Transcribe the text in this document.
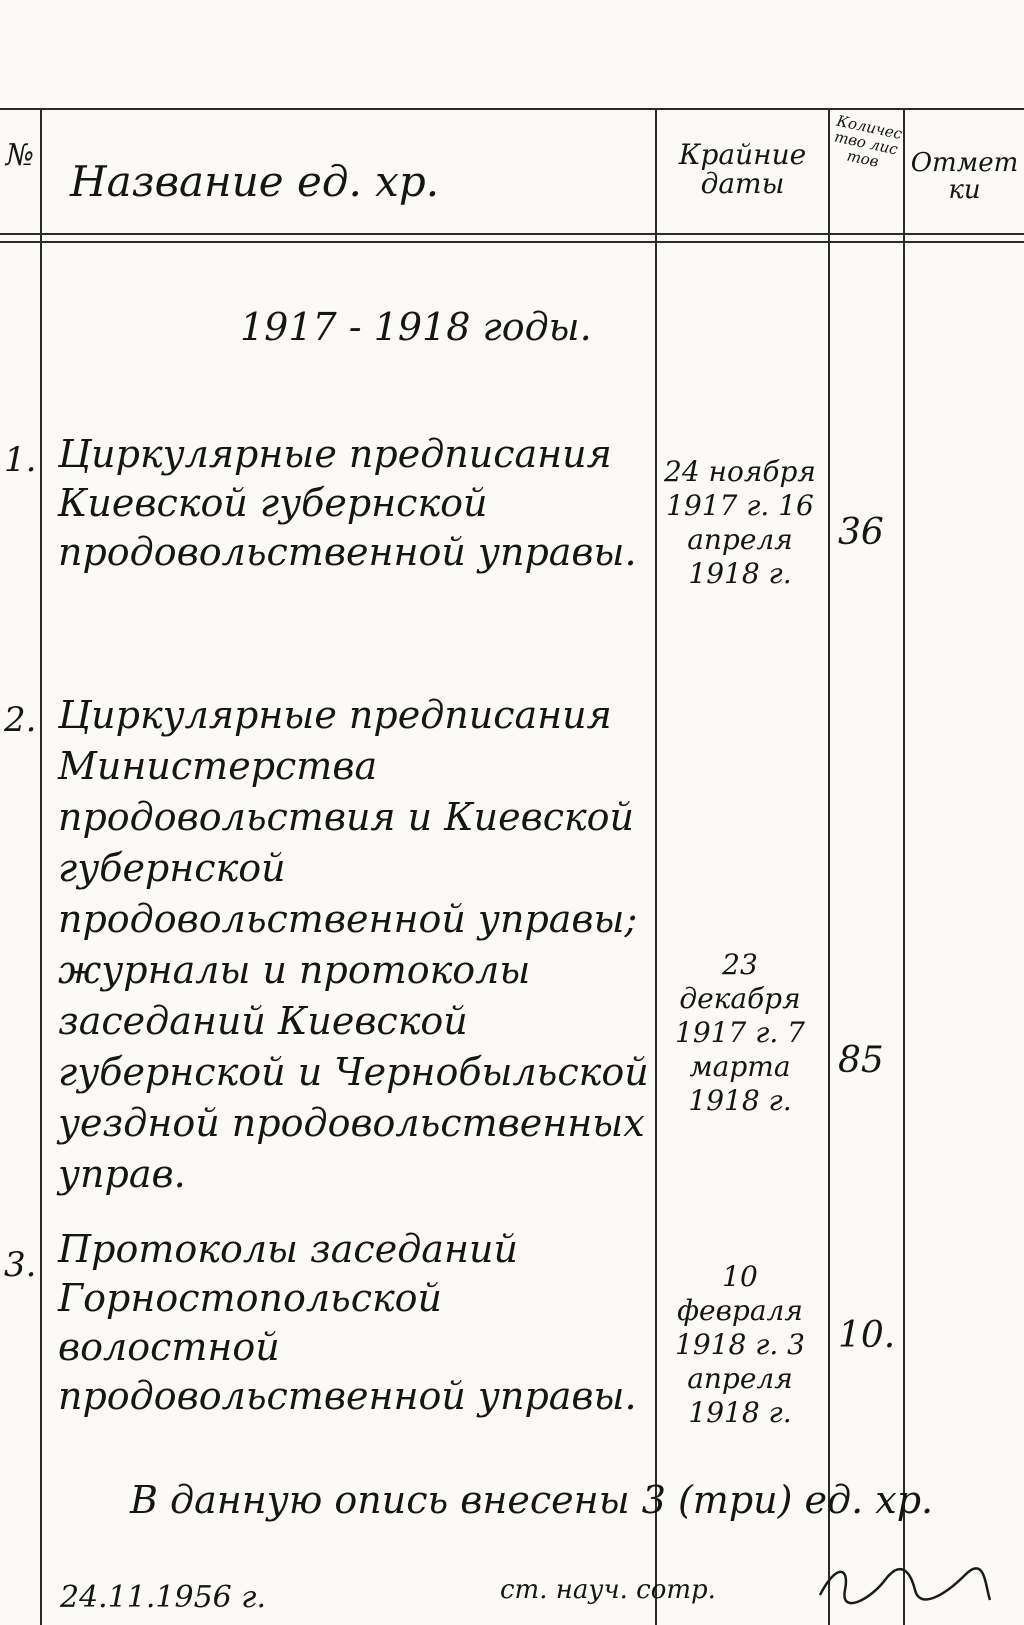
№
Название ед. хр.
Крайние
даты
Количество листов	Отмет
ки
1917 - 1918 годы.
1. Циркулярные предписания Киевской губернской продовольственной управы.
24 ноября 1917 г. 16 апреля 1918 г.
36
2. Циркулярные предписания Министерства продовольствия и Киевской губернской продовольственной управы; журналы и протоколы заседаний Киевской губернской и Чернобыльской уездной продовольственных управ.
23 декабря 1917 г. 7 марта 1918 г.
85
3. Протоколы заседаний Горностопольской волостной продовольственной управы.
10 февраля 1918 г. 3 апреля 1918 г.
10.
В данную опись внесены 3 (три) ед. хр.
24.11.1956 г.	ст. науч. сотр.
